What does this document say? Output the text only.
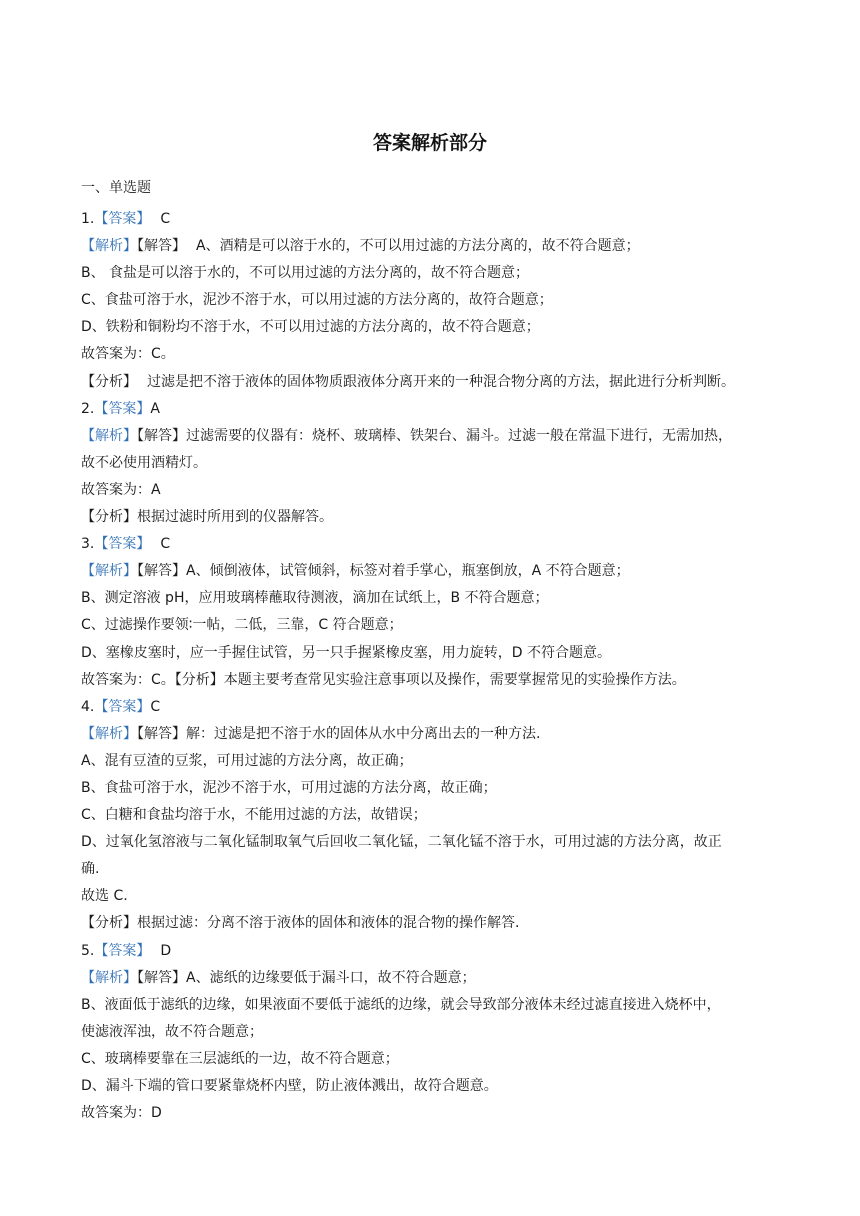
答案解析部分
一、单选题
1.【答案】 C
【解析】【解答】 A、酒精是可以溶于水的，不可以用过滤的方法分离的，故不符合题意；
B、 食盐是可以溶于水的，不可以用过滤的方法分离的，故不符合题意；
C、食盐可溶于水，泥沙不溶于水，可以用过滤的方法分离的，故符合题意；
D、铁粉和铜粉均不溶于水，不可以用过滤的方法分离的，故不符合题意；
故答案为：C。
【分析】 过滤是把不溶于液体的固体物质跟液体分离开来的一种混合物分离的方法，据此进行分析判断。
2.【答案】A
【解析】【解答】过滤需要的仪器有：烧杯、玻璃棒、铁架台、漏斗。过滤一般在常温下进行，无需加热，
故不必使用酒精灯。
故答案为：A
【分析】根据过滤时所用到的仪器解答。
3.【答案】 C
【解析】【解答】A、倾倒液体，试管倾斜，标签对着手掌心，瓶塞倒放，A 不符合题意；
B、测定溶液 pH，应用玻璃棒蘸取待测液，滴加在试纸上，B 不符合题意；
C、过滤操作要领∶一帖，二低，三靠，C 符合题意；
D、塞橡皮塞时，应一手握住试管，另一只手握紧橡皮塞，用力旋转，D 不符合题意。
故答案为：C。【分析】本题主要考查常见实验注意事项以及操作，需要掌握常见的实验操作方法。
4.【答案】C
【解析】【解答】解：过滤是把不溶于水的固体从水中分离出去的一种方法.
A、混有豆渣的豆浆，可用过滤的方法分离，故正确；
B、食盐可溶于水，泥沙不溶于水，可用过滤的方法分离，故正确；
C、白糖和食盐均溶于水，不能用过滤的方法，故错误；
D、过氧化氢溶液与二氧化锰制取氧气后回收二氧化锰，二氧化锰不溶于水，可用过滤的方法分离，故正
确.
故选 C.
【分析】根据过滤：分离不溶于液体的固体和液体的混合物的操作解答.
5.【答案】 D
【解析】【解答】A、滤纸的边缘要低于漏斗口，故不符合题意；
B、液面低于滤纸的边缘，如果液面不要低于滤纸的边缘，就会导致部分液体未经过滤直接进入烧杯中，
使滤液浑浊，故不符合题意；
C、玻璃棒要靠在三层滤纸的一边，故不符合题意；
D、漏斗下端的管口要紧靠烧杯内壁，防止液体溅出，故符合题意。
故答案为：D
